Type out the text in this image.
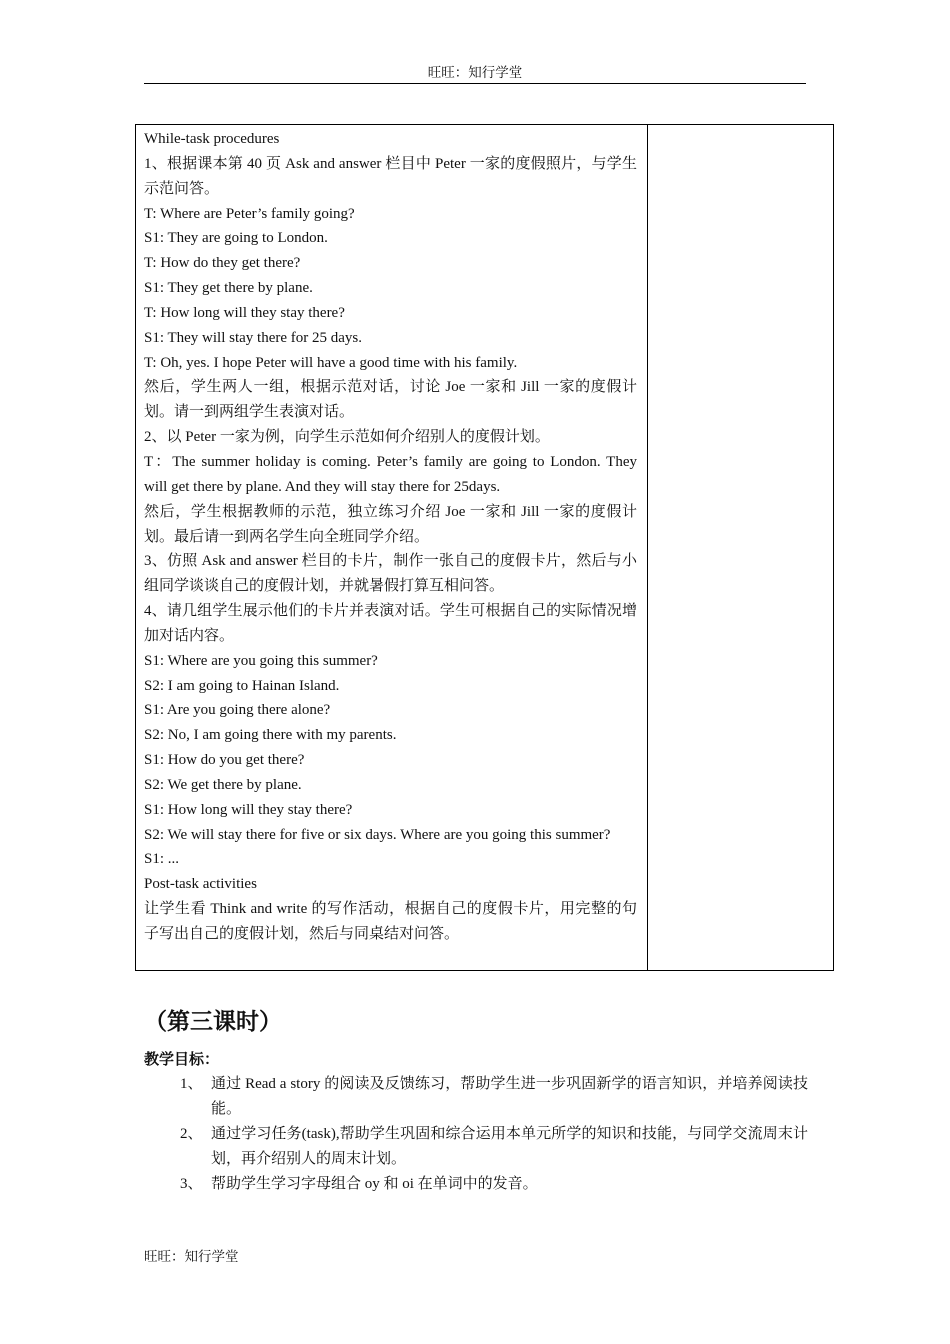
旺旺：知行学堂

While-task procedures

1、根据课本第 40 页 Ask and answer 栏目中 Peter 一家的度假照片，与学生示范问答。

T: Where are Peter’s family going?

S1: They are going to London.

T: How do they get there?

S1: They get there by plane.

T: How long will they stay there?

S1: They will stay there for 25 days.

T: Oh, yes. I hope Peter will have a good time with his family.

然后，学生两人一组，根据示范对话，讨论 Joe 一家和 Jill 一家的度假计划。请一到两组学生表演对话。

2、以 Peter 一家为例，向学生示范如何介绍别人的度假计划。

T：The summer holiday is coming. Peter’s family are going to London. They will get there by plane. And they will stay there for 25days.

然后，学生根据教师的示范，独立练习介绍 Joe 一家和 Jill 一家的度假计划。最后请一到两名学生向全班同学介绍。

3、仿照 Ask and answer 栏目的卡片，制作一张自己的度假卡片，然后与小组同学谈谈自己的度假计划，并就暑假打算互相问答。

4、请几组学生展示他们的卡片并表演对话。学生可根据自己的实际情况增加对话内容。

S1: Where are you going this summer?

S2: I am going to Hainan Island.

S1: Are you going there alone?

S2: No, I am going there with my parents.

S1: How do you get there?

S2: We get there by plane.

S1: How long will they stay there?

S2: We will stay there for five or six days. Where are you going this summer?

S1: ...

Post-task activities

让学生看 Think and write 的写作活动，根据自己的度假卡片，用完整的句子写出自己的度假计划，然后与同桌结对问答。

（第三课时）
教学目标：
1、 通过 Read a story 的阅读及反馈练习，帮助学生进一步巩固新学的语言知识，并培养阅读技能。
2、 通过学习任务(task),帮助学生巩固和综合运用本单元所学的知识和技能，与同学交流周末计划，再介绍别人的周末计划。
3、 帮助学生学习字母组合 oy 和 oi 在单词中的发音。
旺旺：知行学堂
